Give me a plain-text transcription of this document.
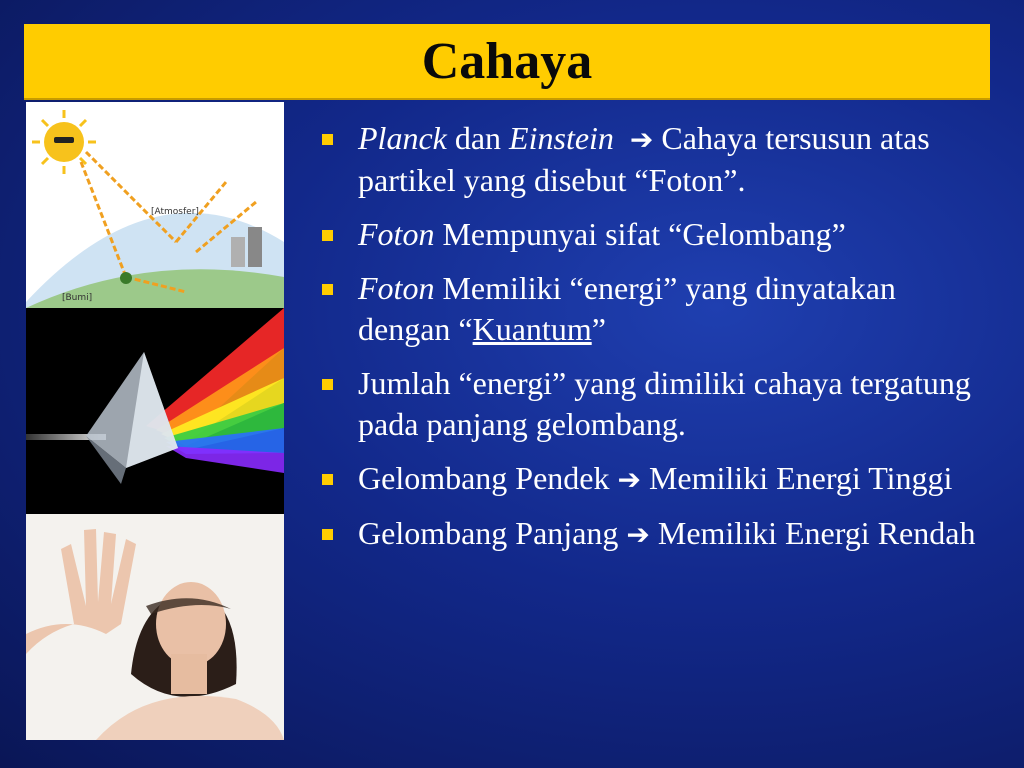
Cahaya
[Atmosfer]
[Bumi]
Planck dan Einstein ➔ Cahaya tersusun atas partikel yang disebut “Foton”.
Foton Mempunyai sifat “Gelombang”
Foton Memiliki “energi” yang dinyatakan dengan “Kuantum”
Jumlah “energi” yang dimiliki cahaya tergatung pada panjang gelombang.
Gelombang Pendek ➔ Memiliki Energi Tinggi
Gelombang Panjang ➔ Memiliki Energi Rendah
